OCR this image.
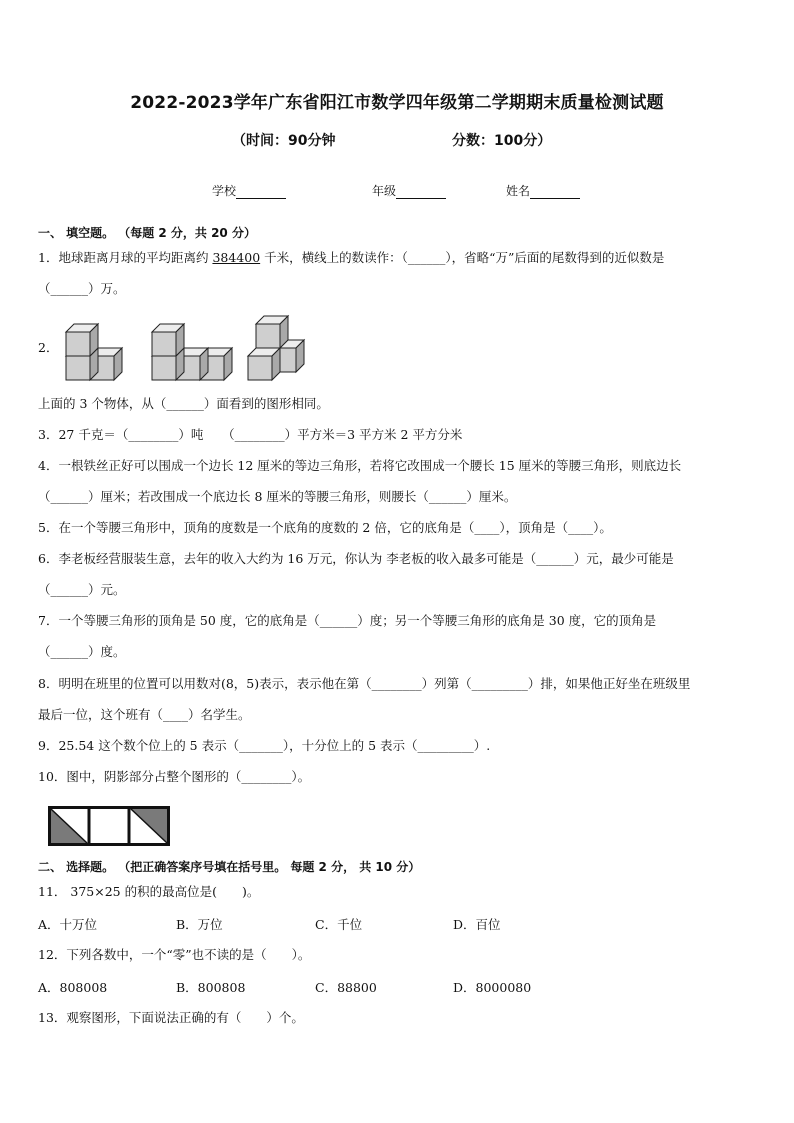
2022-2023学年广东省阳江市数学四年级第二学期期末质量检测试题
（时间：90分钟	分数：100分）
学校	年级	姓名
一、 填空题。 （每题 2 分，共 20 分）
1．地球距离月球的平均距离约 384400 千米，横线上的数读作：（______），省略“万”后面的尾数得到的近似数是
（______）万。
2．
上面的 3 个物体，从（______）面看到的图形相同。
3．27 千克＝（________）吨　　（________）平方米＝3 平方米 2 平方分米
4．一根铁丝正好可以围成一个边长 12 厘米的等边三角形，若将它改围成一个腰长 15 厘米的等腰三角形，则底边长
（______）厘米；若改围成一个底边长 8 厘米的等腰三角形，则腰长（______）厘米。
5．在一个等腰三角形中，顶角的度数是一个底角的度数的 2 倍，它的底角是（____），顶角是（____）。
6．李老板经营服装生意，去年的收入大约为 16 万元，你认为 李老板的收入最多可能是（______）元，最少可能是
（______）元。
7．一个等腰三角形的顶角是 50 度，它的底角是（______）度；另一个等腰三角形的底角是 30 度，它的顶角是
（______）度。
8．明明在班里的位置可以用数对(8，5)表示，表示他在第（________）列第（_________）排，如果他正好坐在班级里
最后一位，这个班有（____）名学生。
9．25.54 这个数个位上的 5 表示（_______），十分位上的 5 表示（_________）.
10．图中，阴影部分占整个图形的（________）。
二、 选择题。 （把正确答案序号填在括号里。 每题 2 分， 共 10 分）
11． 375×25 的积的最高位是(　　)。
A．十万位	B．万位	C．千位	D．百位
12．下列各数中，一个“零”也不读的是（　　）。
A．808008	B．800808	C．88800	D．8000080
13．观察图形，下面说法正确的有（　　）个。
